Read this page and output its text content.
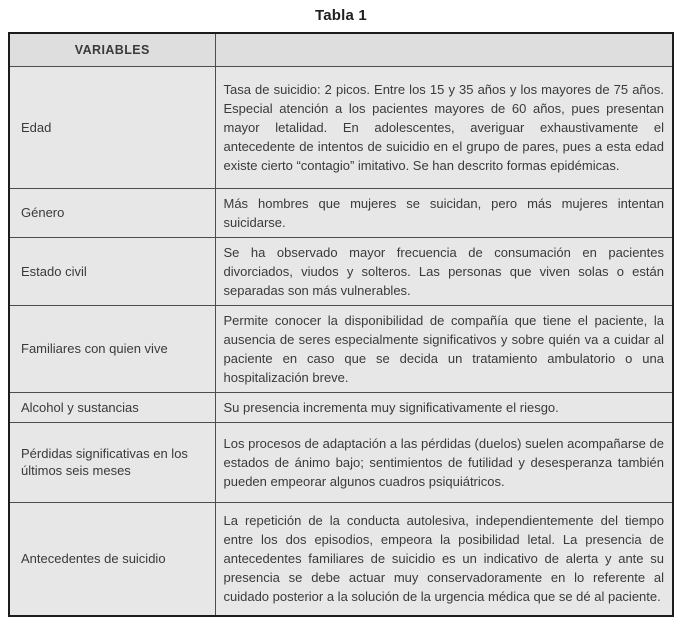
Tabla 1
VARIABLES	
Edad	Tasa de suicidio: 2 picos. Entre los 15 y 35 años y los mayores de 75 años. Especial atención a los pacientes mayores de 60 años, pues presentan mayor letalidad. En adolescentes, averiguar exhaustivamente el antecedente de intentos de suicidio en el grupo de pares, pues a esta edad existe cierto “contagio” imitativo. Se han descrito formas epidémicas.
Género	Más hombres que mujeres se suicidan, pero más mujeres intentan suicidarse.
Estado civil	Se ha observado mayor frecuencia de consumación en pacientes divorciados, viudos y solteros. Las personas que viven solas o están separadas son más vulnerables.
Familiares con quien vive	Permite conocer la disponibilidad de compañía que tiene el paciente, la ausencia de seres especialmente significativos y sobre quién va a cuidar al paciente en caso que se decida un tratamiento ambulatorio o una hospitalización breve.
Alcohol y sustancias	Su presencia incrementa muy significativamente el riesgo.
Pérdidas significativas en los últimos seis meses	Los procesos de adaptación a las pérdidas (duelos) suelen acompañarse de estados de ánimo bajo; sentimientos de futilidad y desesperanza también pueden empeorar algunos cuadros psiquiátricos.
Antecedentes de suicidio	La repetición de la conducta autolesiva, independientemente del tiempo entre los dos episodios, empeora la posibilidad letal. La presencia de antecedentes familiares de suicidio es un indicativo de alerta y ante su presencia se debe actuar muy conservadoramente en lo referente al cuidado posterior a la solución de la urgencia médica que se dé al paciente.
